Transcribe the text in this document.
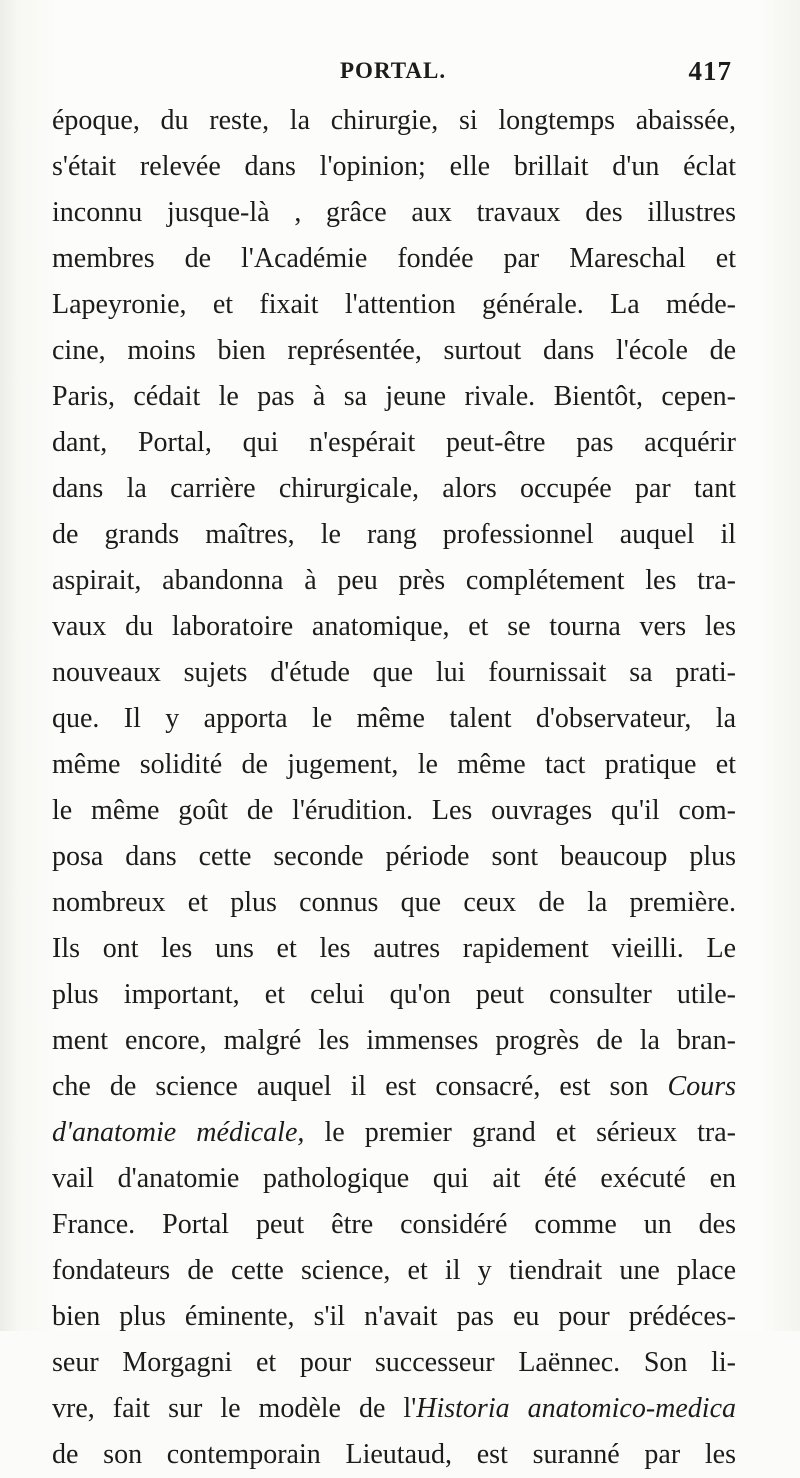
PORTAL.	417
époque, du reste, la chirurgie, si longtemps abaissée,
s'était relevée dans l'opinion; elle brillait d'un éclat
inconnu jusque-là , grâce aux travaux des illustres
membres de l'Académie fondée par Mareschal et
Lapeyronie, et fixait l'attention générale. La méde-
cine, moins bien représentée, surtout dans l'école de
Paris, cédait le pas à sa jeune rivale. Bientôt, cepen-
dant, Portal, qui n'espérait peut-être pas acquérir
dans la carrière chirurgicale, alors occupée par tant
de grands maîtres, le rang professionnel auquel il
aspirait, abandonna à peu près complétement les tra-
vaux du laboratoire anatomique, et se tourna vers les
nouveaux sujets d'étude que lui fournissait sa prati-
que. Il y apporta le même talent d'observateur, la
même solidité de jugement, le même tact pratique et
le même goût de l'érudition. Les ouvrages qu'il com-
posa dans cette seconde période sont beaucoup plus
nombreux et plus connus que ceux de la première.
Ils ont les uns et les autres rapidement vieilli. Le
plus important, et celui qu'on peut consulter utile-
ment encore, malgré les immenses progrès de la bran-
che de science auquel il est consacré, est son Cours
d'anatomie médicale, le premier grand et sérieux tra-
vail d'anatomie pathologique qui ait été exécuté en
France. Portal peut être considéré comme un des
fondateurs de cette science, et il y tiendrait une place
bien plus éminente, s'il n'avait pas eu pour prédéces-
seur Morgagni et pour successeur Laënnec. Son li-
vre, fait sur le modèle de l'Historia anatomico-medica
de son contemporain Lieutaud, est suranné par les
